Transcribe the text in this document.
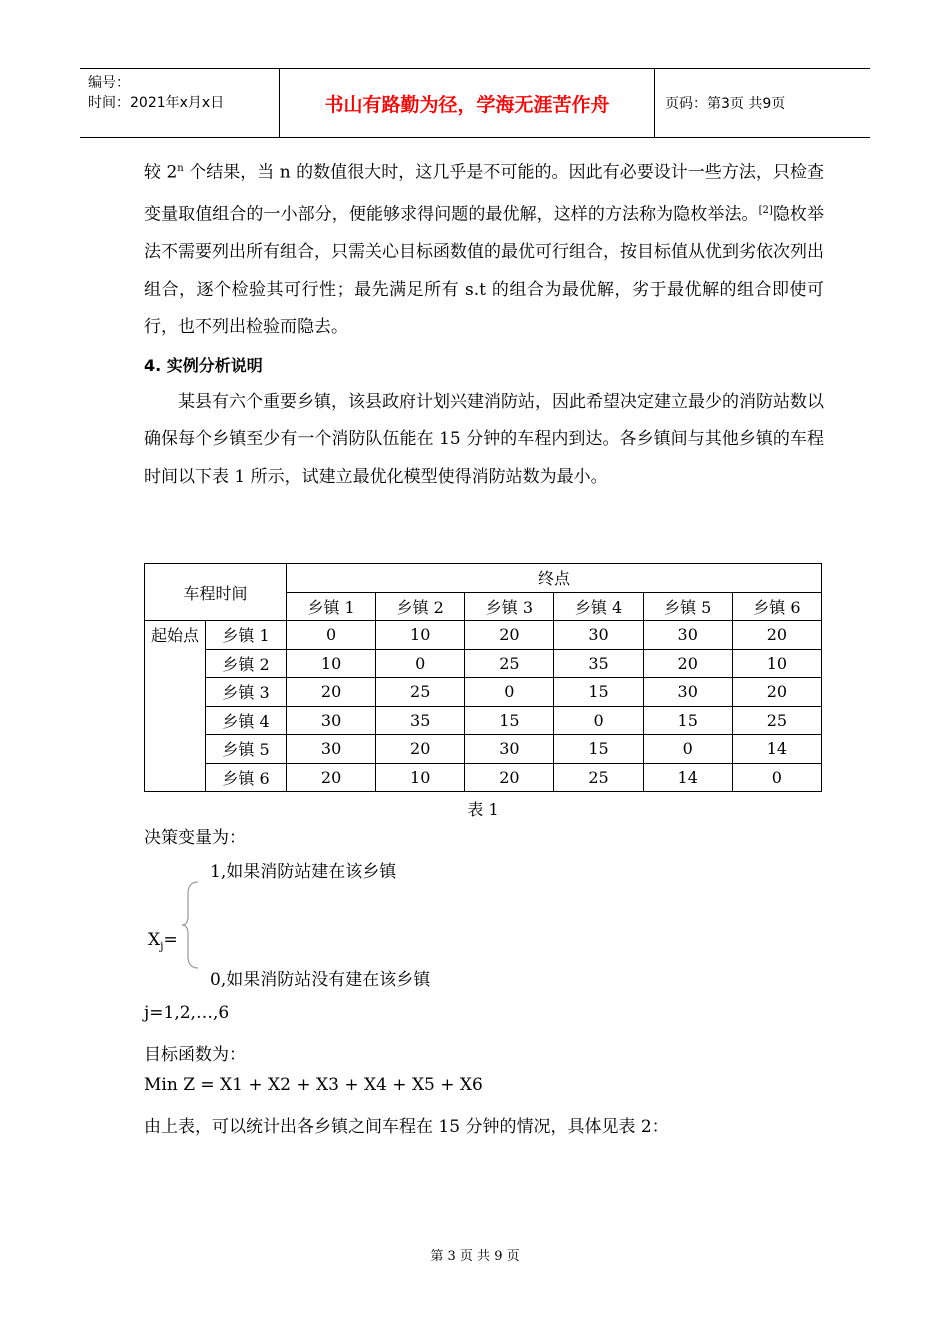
编号：
时间：2021年x月x日	书山有路勤为径，学海无涯苦作舟	页码：第3页 共9页

较 2$^n$ 个结果，当 n 的数值很大时，这几乎是不可能的。因此有必要设计一些方法，只检查变量取值组合的一小部分，便能够求得问题的最优解，这样的方法称为隐枚举法。[2]隐枚举法不需要列出所有组合，只需关心目标函数值的最优可行组合，按目标值从优到劣依次列出组合，逐个检验其可行性；最先满足所有 s.t 的组合为最优解，劣于最优解的组合即使可行，也不列出检验而隐去。

4. 实例分析说明

某县有六个重要乡镇，该县政府计划兴建消防站，因此希望决定建立最少的消防站数以确保每个乡镇至少有一个消防队伍能在 15 分钟的车程内到达。各乡镇间与其他乡镇的车程时间以下表 1 所示，试建立最优化模型使得消防站数为最小。

车程时间		终点					
		乡镇 1	乡镇 2	乡镇 3	乡镇 4	乡镇 5	乡镇 6
起始点	乡镇 1	0	10	20	30	30	20
	乡镇 2	10	0	25	35	20	10
	乡镇 3	20	25	0	15	30	20
	乡镇 4	30	35	15	0	15	25
	乡镇 5	30	20	30	15	0	14
	乡镇 6	20	10	20	25	14	0
表 1
决策变量为：
1,如果消防站建在该乡镇
$X_j=$
0,如果消防站没有建在该乡镇
j=1,2,…,6
目标函数为：
Min Z = X1 + X2 + X3 + X4 + X5 + X6
由上表，可以统计出各乡镇之间车程在 15 分钟的情况，具体见表 2：
第 3 页 共 9 页
